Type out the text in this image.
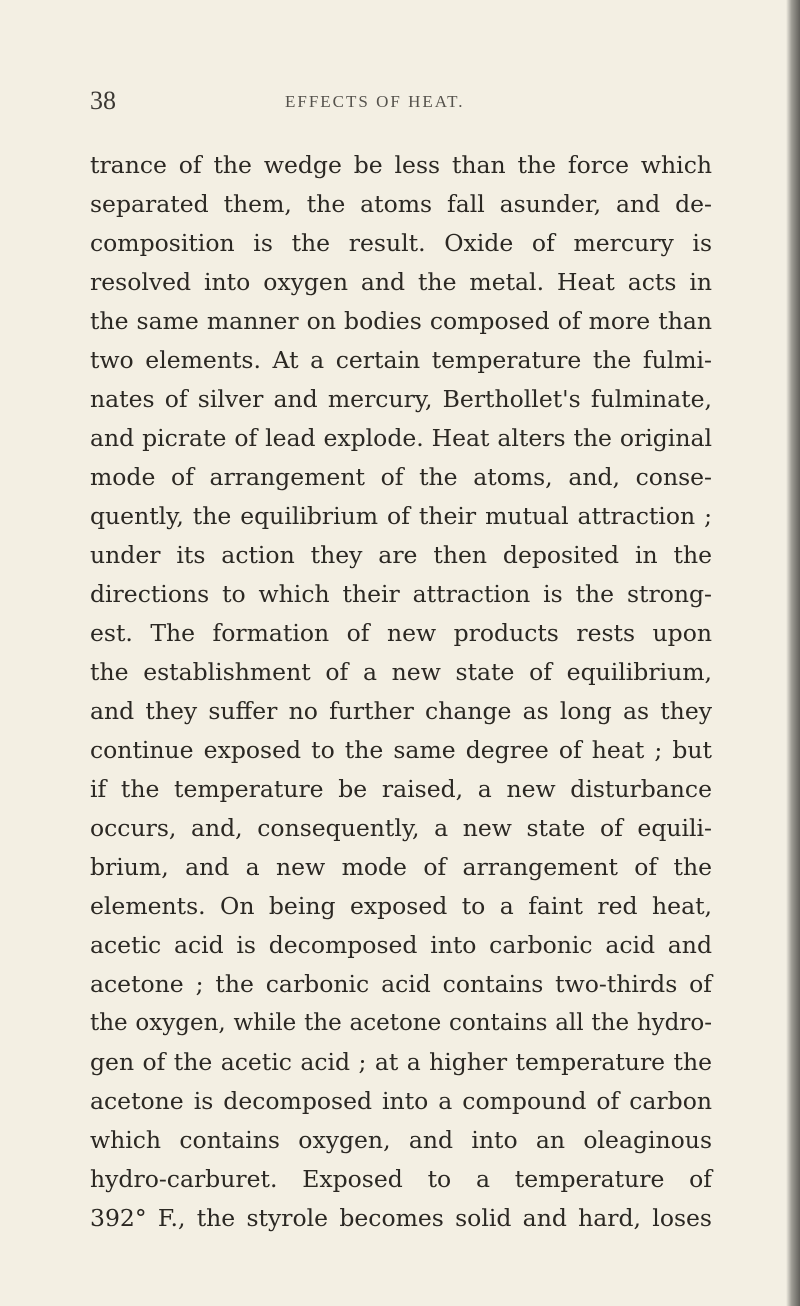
38	EFFECTS OF HEAT.
trance of the wedge be less than the force which
separated them, the atoms fall asunder, and de-
composition is the result. Oxide of mercury is
resolved into oxygen and the metal. Heat acts in
the same manner on bodies composed of more than
two elements. At a certain temperature the fulmi-
nates of silver and mercury, Berthollet's fulminate,
and picrate of lead explode. Heat alters the original
mode of arrangement of the atoms, and, conse-
quently, the equilibrium of their mutual attraction ;
under its action they are then deposited in the
directions to which their attraction is the strong-
est. The formation of new products rests upon
the establishment of a new state of equilibrium,
and they suffer no further change as long as they
continue exposed to the same degree of heat ; but
if the temperature be raised, a new disturbance
occurs, and, consequently, a new state of equili-
brium, and a new mode of arrangement of the
elements. On being exposed to a faint red heat,
acetic acid is decomposed into carbonic acid and
acetone ; the carbonic acid contains two-thirds of
the oxygen, while the acetone contains all the hydro-
gen of the acetic acid ; at a higher temperature the
acetone is decomposed into a compound of carbon
which contains oxygen, and into an oleaginous
hydro-carburet. Exposed to a temperature of
392° F., the styrole becomes solid and hard, loses
